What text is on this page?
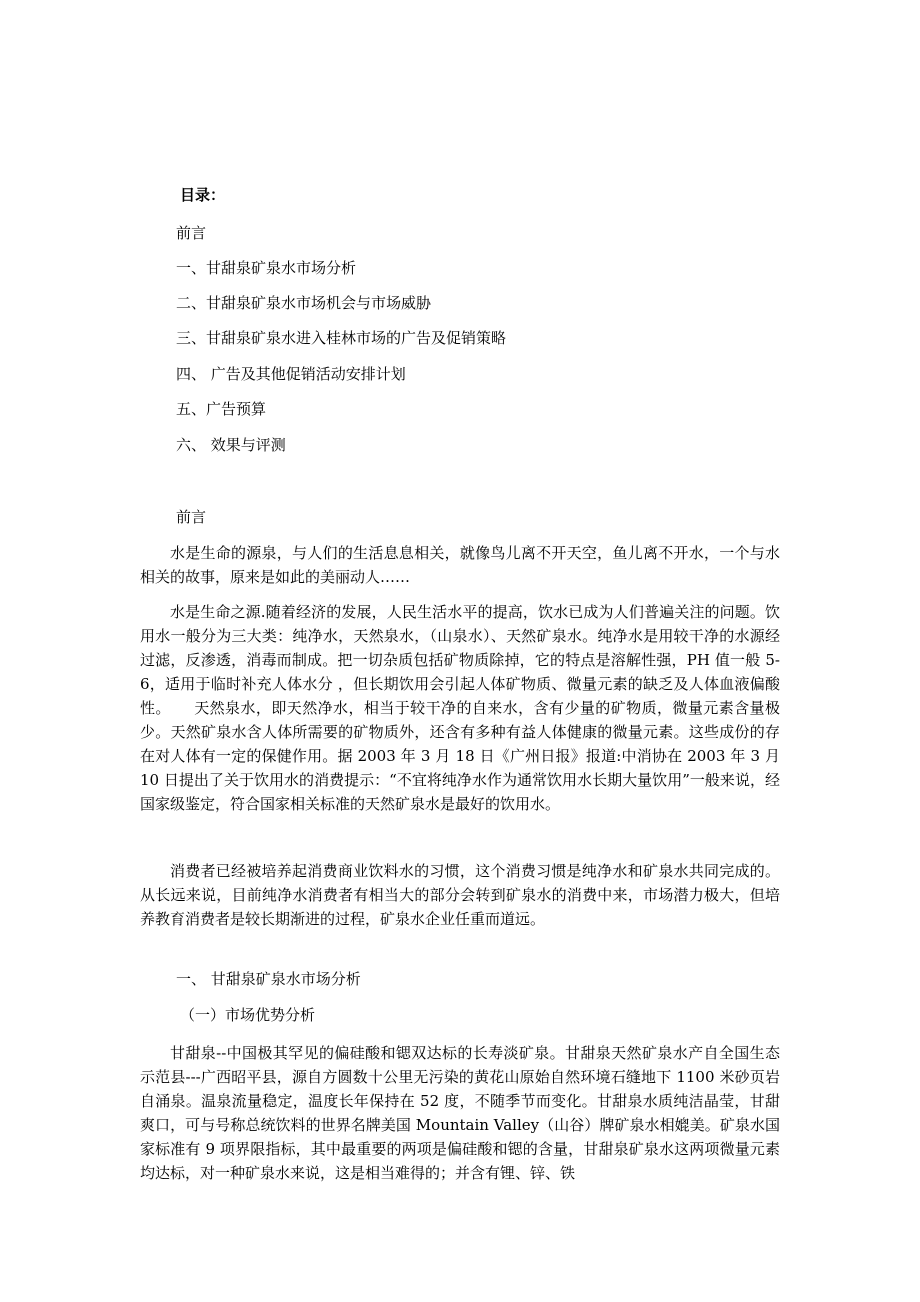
目录：
前言
一、甘甜泉矿泉水市场分析
二、甘甜泉矿泉水市场机会与市场威胁
三、甘甜泉矿泉水进入桂林市场的广告及促销策略
四、 广告及其他促销活动安排计划
五、广告预算
六、 效果与评测
前言

水是生命的源泉，与人们的生活息息相关，就像鸟儿离不开天空，鱼儿离不开水，一个与水相关的故事，原来是如此的美丽动人……

水是生命之源.随着经济的发展，人民生活水平的提高，饮水已成为人们普遍关注的问题。饮用水一般分为三大类：纯净水，天然泉水，（山泉水）、天然矿泉水。纯净水是用较干净的水源经过滤，反渗透，消毒而制成。把一切杂质包括矿物质除掉，它的特点是溶解性强，PH 值一般 5-6，适用于临时补充人体水分 ，但长期饮用会引起人体矿物质、微量元素的缺乏及人体血液偏酸性。　　天然泉水，即天然净水，相当于较干净的自来水，含有少量的矿物质，微量元素含量极少。天然矿泉水含人体所需要的矿物质外，还含有多种有益人体健康的微量元素。这些成份的存在对人体有一定的保健作用。据 2003 年 3 月 18 日《广州日报》报道:中消协在 2003 年 3 月 10 日提出了关于饮用水的消费提示：“不宜将纯净水作为通常饮用水长期大量饮用”一般来说，经国家级鉴定，符合国家相关标准的天然矿泉水是最好的饮用水。

消费者已经被培养起消费商业饮料水的习惯，这个消费习惯是纯净水和矿泉水共同完成的。从长远来说，目前纯净水消费者有相当大的部分会转到矿泉水的消费中来，市场潜力极大，但培养教育消费者是较长期渐进的过程，矿泉水企业任重而道远。

一、 甘甜泉矿泉水市场分析
（一）市场优势分析

甘甜泉--中国极其罕见的偏硅酸和锶双达标的长寿淡矿泉。甘甜泉天然矿泉水产自全国生态示范县---广西昭平县，源自方圆数十公里无污染的黄花山原始自然环境石缝地下 1100 米砂页岩自涌泉。温泉流量稳定，温度长年保持在 52 度，不随季节而变化。甘甜泉水质纯洁晶莹，甘甜爽口，可与号称总统饮料的世界名牌美国 Mountain Valley（山谷）牌矿泉水相媲美。矿泉水国家标准有 9 项界限指标，其中最重要的两项是偏硅酸和锶的含量，甘甜泉矿泉水这两项微量元素均达标，对一种矿泉水来说，这是相当难得的；并含有锂、锌、铁
